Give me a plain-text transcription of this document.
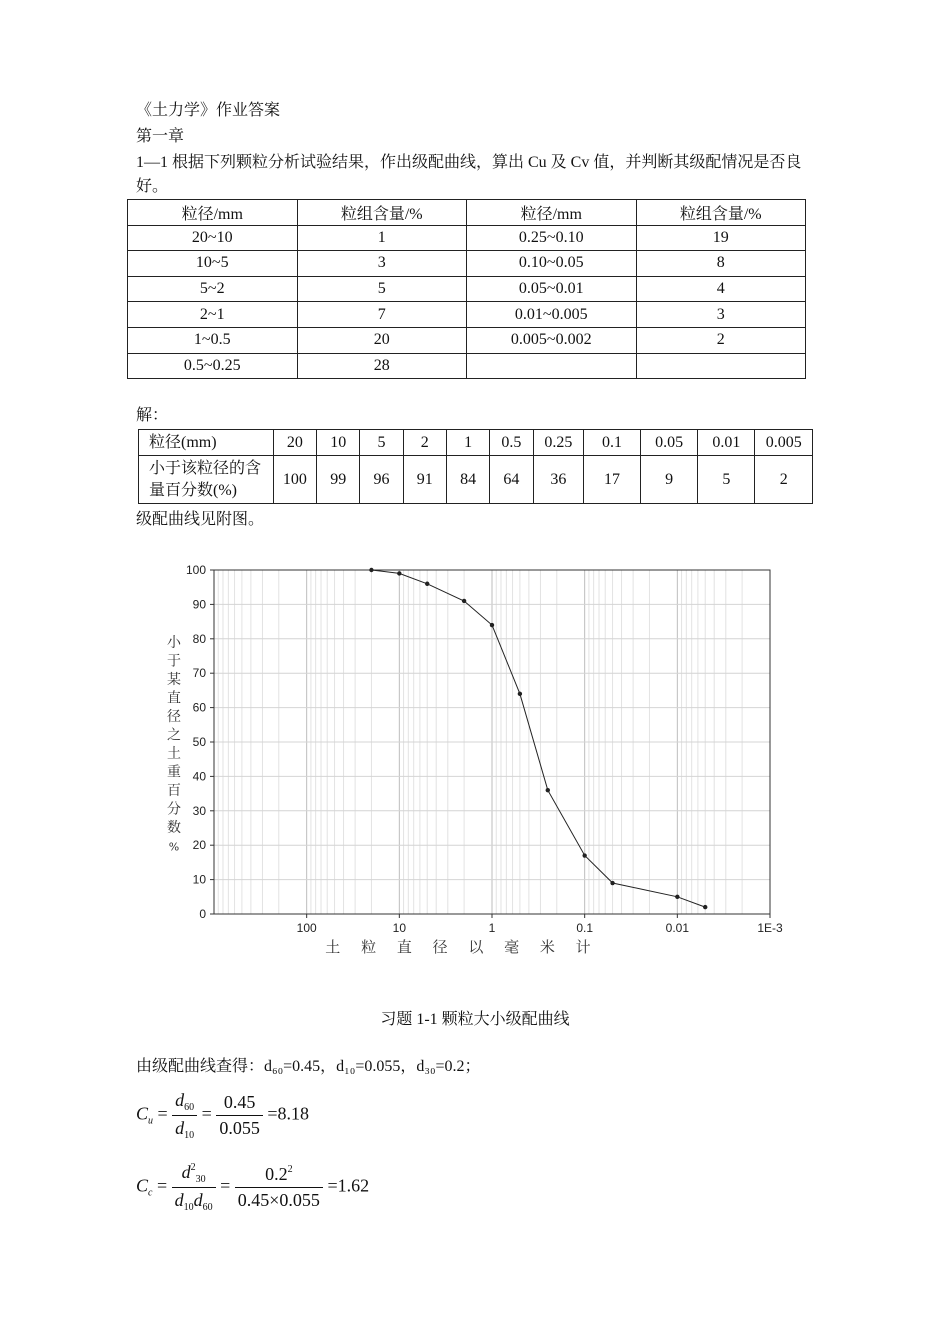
《土力学》作业答案
第一章
1—1 根据下列颗粒分析试验结果，作出级配曲线，算出 Cu 及 Cv 值，并判断其级配情况是否良
好。
粒径/mm	粒组含量/%	粒径/mm	粒组含量/%
20~10	1	0.25~0.10	19
10~5	3	0.10~0.05	8
5~2	5	0.05~0.01	4
2~1	7	0.01~0.005	3
1~0.5	20	0.005~0.002	2
0.5~0.25	28		
解：
粒径(mm)	20	10	5	2	1	0.5	0.25	0.1	0.05	0.01	0.005
小于该粒径的含量百分数(%)	100	99	96	91	84	64	36	17	9	5	2
级配曲线见附图。
0
10
20
30
40
50
60
70
80
90
100
100	10	1	0.1	0.01	1E-3
土 粒 直 径 以 毫 米 计
小于某直径之土重百分数%
习题 1-1 颗粒大小级配曲线
由级配曲线查得：d₆₀=0.45，d₁₀=0.055，d₃₀=0.2；
$C_u = \frac{d_{60}}{d_{10}} = \frac{0.45}{0.055} =8.18$
$C_c = \frac{d^2_{30}}{d_{10}d_{60}} = \frac{0.2^2}{0.45\times 0.055} =1.62$
